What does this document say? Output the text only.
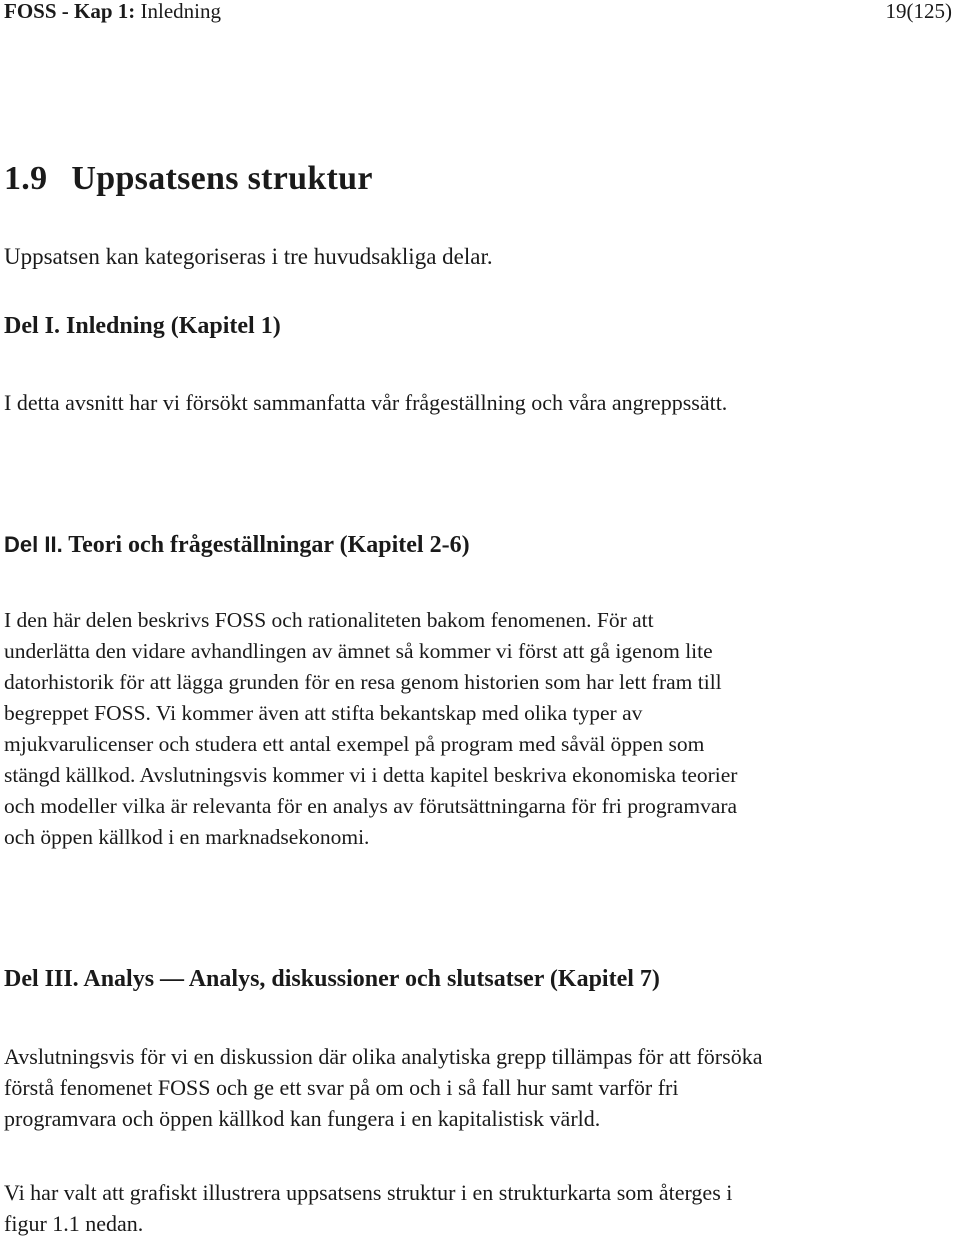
FOSS - Kap 1: Inledning	19(125)
1.9 Uppsatsens struktur
Uppsatsen kan kategoriseras i tre huvudsakliga delar.
Del I. Inledning (Kapitel 1)

I detta avsnitt har vi försökt sammanfatta vår frågeställning och våra angreppssätt.

Del II. Teori och frågeställningar (Kapitel 2-6)

I den här delen beskrivs FOSS och rationaliteten bakom fenomenen. För att
underlätta den vidare avhandlingen av ämnet så kommer vi först att gå igenom lite
datorhistorik för att lägga grunden för en resa genom historien som har lett fram till
begreppet FOSS. Vi kommer även att stifta bekantskap med olika typer av
mjukvarulicenser och studera ett antal exempel på program med såväl öppen som
stängd källkod. Avslutningsvis kommer vi i detta kapitel beskriva ekonomiska teorier
och modeller vilka är relevanta för en analys av förutsättningarna för fri programvara
och öppen källkod i en marknadsekonomi.

Del III. Analys — Analys, diskussioner och slutsatser (Kapitel 7)

Avslutningsvis för vi en diskussion där olika analytiska grepp tillämpas för att försöka
förstå fenomenet FOSS och ge ett svar på om och i så fall hur samt varför fri
programvara och öppen källkod kan fungera i en kapitalistisk värld.

Vi har valt att grafiskt illustrera uppsatsens struktur i en strukturkarta som återges i
figur 1.1 nedan.
